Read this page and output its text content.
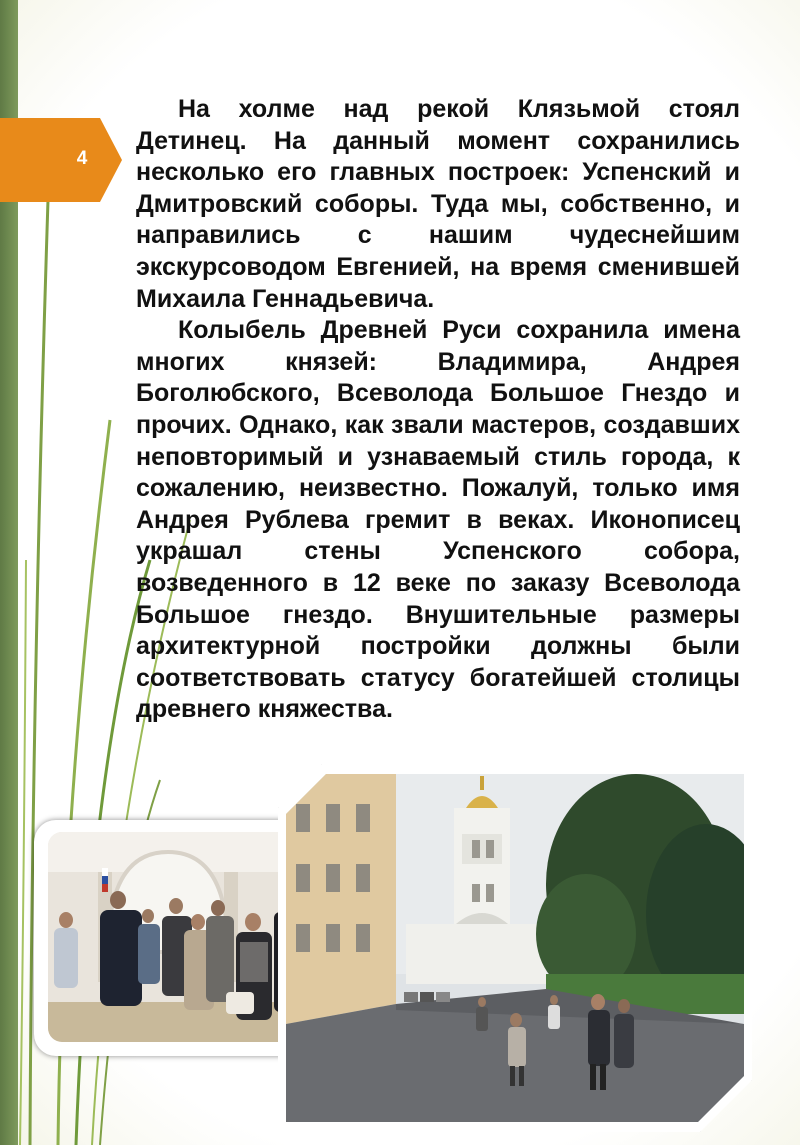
4

На холме над рекой Клязьмой стоял Детинец. На данный момент сохранились несколько его главных построек: Успенский и Дмитровский соборы. Туда мы, собственно, и направились с нашим чудеснейшим экскурсоводом Евгенией, на время сменившей Михаила Геннадьевича.

Колыбель Древней Руси сохранила имена многих князей: Владимира, Андрея Боголюбского, Всеволода Большое Гнездо и прочих. Однако, как звали мастеров, создавших неповторимый и узнаваемый стиль города, к сожалению, неизвестно. Пожалуй, только имя Андрея Рублева гремит в веках. Иконописец украшал стены Успенского собора, возведенного в 12 веке по заказу Всеволода Большое гнездо. Внушительные размеры архитектурной постройки должны были соответствовать статусу богатейшей столицы древнего княжества.
